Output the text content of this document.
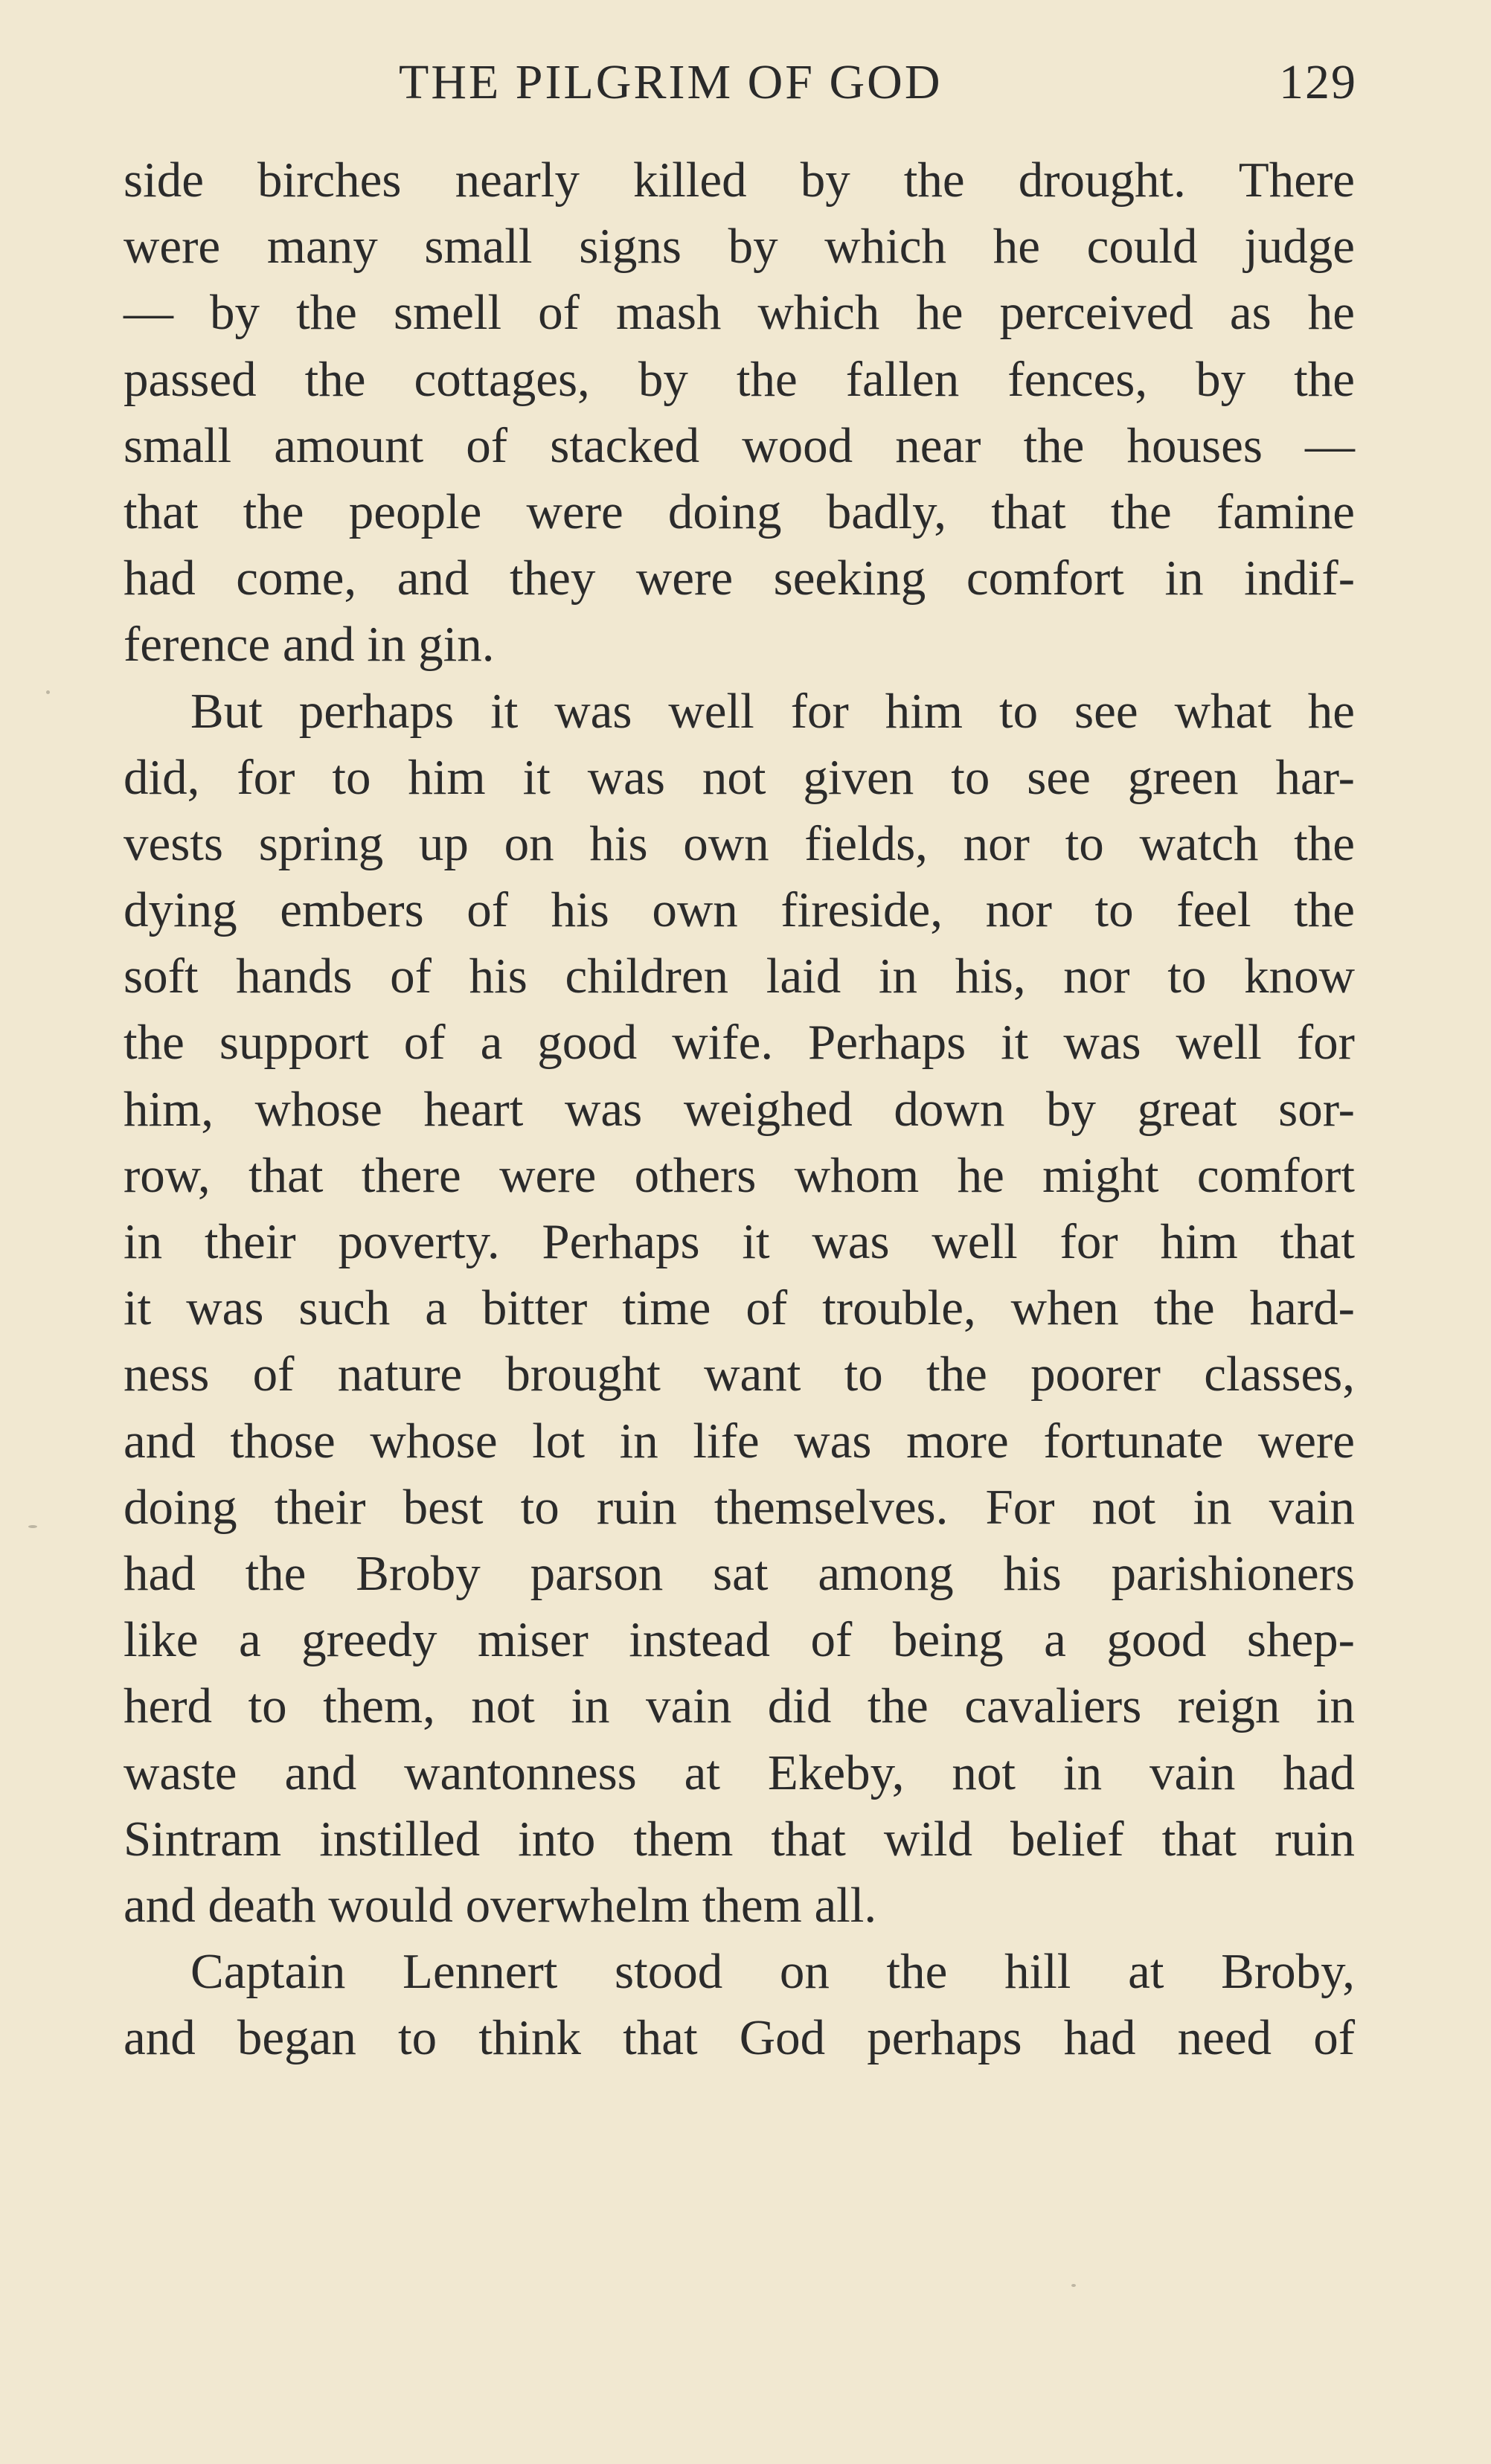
THE PILGRIM OF GOD	129
side birches nearly killed by the drought. There
were many small signs by which he could judge
— by the smell of mash which he perceived as he
passed the cottages, by the fallen fences, by the
small amount of stacked wood near the houses —
that the people were doing badly, that the famine
had come, and they were seeking comfort in indif-
ference and in gin.
But perhaps it was well for him to see what he
did, for to him it was not given to see green har-
vests spring up on his own fields, nor to watch the
dying embers of his own fireside, nor to feel the
soft hands of his children laid in his, nor to know
the support of a good wife. Perhaps it was well for
him, whose heart was weighed down by great sor-
row, that there were others whom he might comfort
in their poverty. Perhaps it was well for him that
it was such a bitter time of trouble, when the hard-
ness of nature brought want to the poorer classes,
and those whose lot in life was more fortunate were
doing their best to ruin themselves. For not in vain
had the Broby parson sat among his parishioners
like a greedy miser instead of being a good shep-
herd to them, not in vain did the cavaliers reign in
waste and wantonness at Ekeby, not in vain had
Sintram instilled into them that wild belief that ruin
and death would overwhelm them all.
Captain Lennert stood on the hill at Broby,
and began to think that God perhaps had need of
